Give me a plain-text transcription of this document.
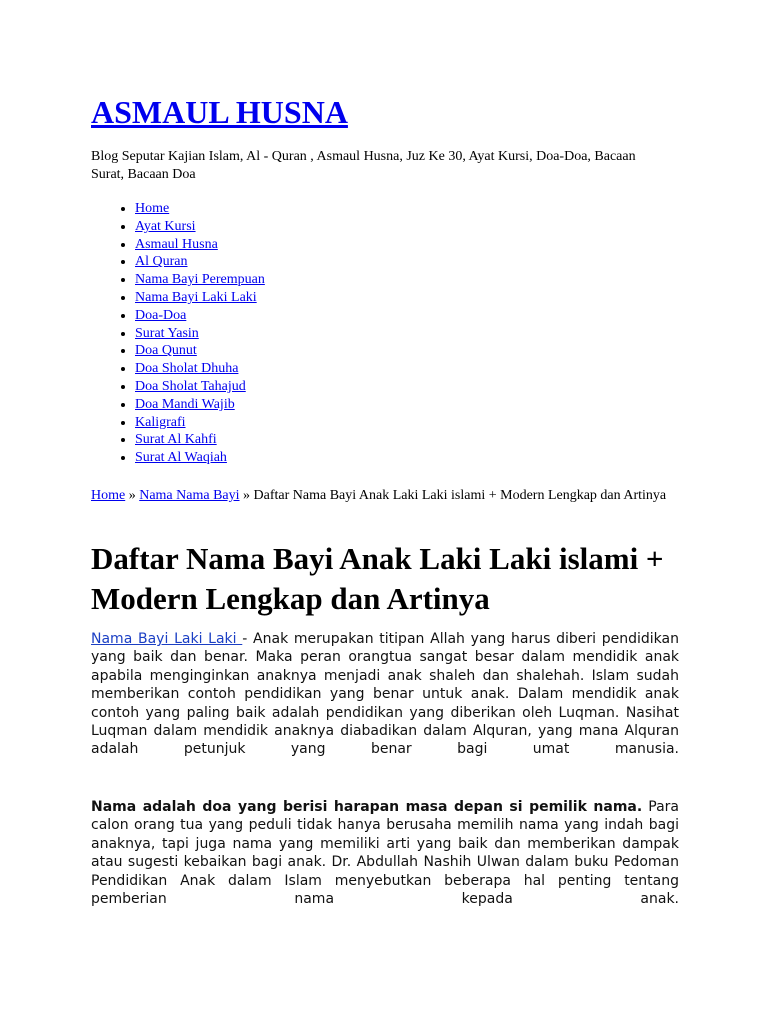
ASMAUL HUSNA

Blog Seputar Kajian Islam, Al - Quran , Asmaul Husna, Juz Ke 30, Ayat Kursi, Doa-Doa, Bacaan Surat, Bacaan Doa

• Home
• Ayat Kursi
• Asmaul Husna
• Al Quran
• Nama Bayi Perempuan
• Nama Bayi Laki Laki
• Doa-Doa
• Surat Yasin
• Doa Qunut
• Doa Sholat Dhuha
• Doa Sholat Tahajud
• Doa Mandi Wajib
• Kaligrafi
• Surat Al Kahfi
• Surat Al Waqiah

Home » Nama Nama Bayi » Daftar Nama Bayi Anak Laki Laki islami + Modern Lengkap dan Artinya

Daftar Nama Bayi Anak Laki Laki islami + Modern Lengkap dan Artinya

Nama Bayi Laki Laki - Anak merupakan titipan Allah yang harus diberi pendidikan yang baik dan benar. Maka peran orangtua sangat besar dalam mendidik anak apabila menginginkan anaknya menjadi anak shaleh dan shalehah. Islam sudah memberikan contoh pendidikan yang benar untuk anak. Dalam mendidik anak contoh yang paling baik adalah pendidikan yang diberikan oleh Luqman. Nasihat Luqman dalam mendidik anaknya diabadikan dalam Alquran, yang mana Alquran adalah petunjuk yang benar bagi umat manusia.

Nama adalah doa yang berisi harapan masa depan si pemilik nama. Para calon orang tua yang peduli tidak hanya berusaha memilih nama yang indah bagi anaknya, tapi juga nama yang memiliki arti yang baik dan memberikan dampak atau sugesti kebaikan bagi anak. Dr. Abdullah Nashih Ulwan dalam buku Pedoman Pendidikan Anak dalam Islam menyebutkan beberapa hal penting tentang pemberian nama kepada anak.
